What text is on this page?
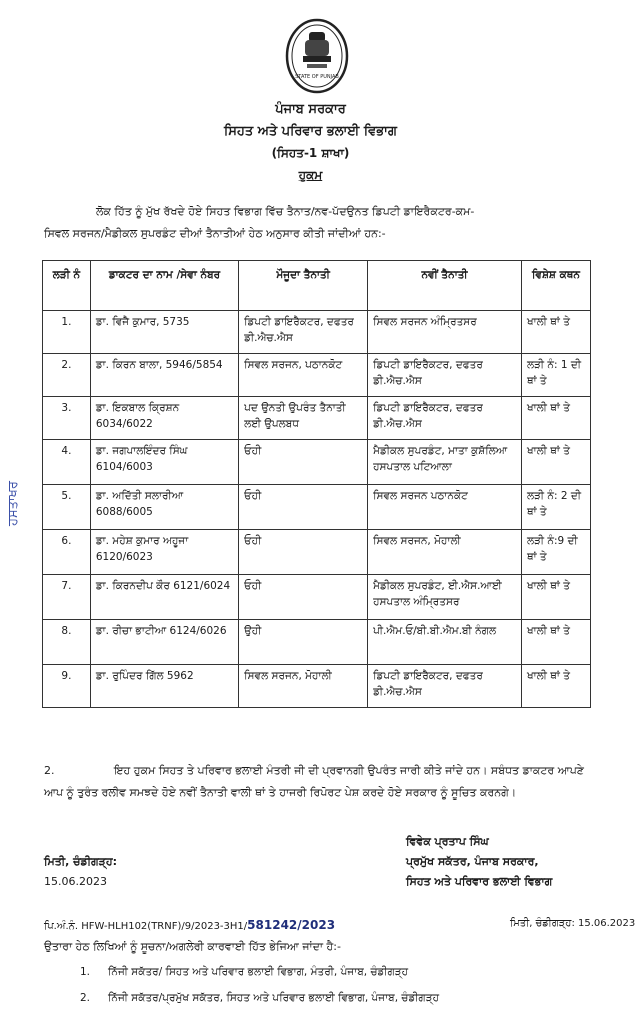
STATE OF PUNJAB
ਪੰਜਾਬ ਸਰਕਾਰ
ਸਿਹਤ ਅਤੇ ਪਰਿਵਾਰ ਭਲਾਈ ਵਿਭਾਗ
(ਸਿਹਤ-1 ਸ਼ਾਖਾ)
ਹੁਕਮ
ਲੋਕ ਹਿੱਤ ਨੂੰ ਮੁੱਖ ਰੱਖਦੇ ਹੋਏ ਸਿਹਤ ਵਿਭਾਗ ਵਿੱਚ ਤੈਨਾਤ/ਨਵ-ਪੱਦਉਨਤ ਡਿਪਟੀ ਡਾਇਰੈਕਟਰ-ਕਮ-
ਸਿਵਲ ਸਰਜਨ/ਮੈਡੀਕਲ ਸੁਪਰਡੰਟ ਦੀਆਂ ਤੈਨਾਤੀਆਂ ਹੇਠ ਅਨੁਸਾਰ ਕੀਤੀ ਜਾਂਦੀਆਂ ਹਨ:-
ਲੜੀ ਨੰ	ਡਾਕਟਰ ਦਾ ਨਾਮ /ਸੇਵਾ ਨੰਬਰ	ਮੌਜੂਦਾ ਤੈਨਾਤੀ	ਨਵੀਂ ਤੈਨਾਤੀ	ਵਿਸ਼ੇਸ਼ ਕਥਨ
1.	ਡਾ. ਵਿਜੈ ਕੁਮਾਰ, 5735	ਡਿਪਟੀ ਡਾਇਰੈਕਟਰ, ਦਫਤਰ ਡੀ.ਐਚ.ਐਸ	ਸਿਵਲ ਸਰਜਨ ਅੰਮ੍ਰਿਤਸਰ	ਖਾਲੀ ਥਾਂ ਤੇ
2.	ਡਾ. ਕਿਰਨ ਬਾਲਾ, 5946/5854	ਸਿਵਲ ਸਰਜਨ, ਪਠਾਨਕੋਟ	ਡਿਪਟੀ ਡਾਇਰੈਕਟਰ, ਦਫਤਰ ਡੀ.ਐਚ.ਐਸ	ਲੜੀ ਨੰ: 1 ਦੀ ਥਾਂ ਤੇ
3.	ਡਾ. ਇਕਬਾਲ ਕ੍ਰਿਸ਼ਨ 6034/6022	ਪਦ ਉਨਤੀ ਉਪਰੰਤ ਤੈਨਾਤੀ ਲਈ ਉਪਲਬਧ	ਡਿਪਟੀ ਡਾਇਰੈਕਟਰ, ਦਫਤਰ ਡੀ.ਐਚ.ਐਸ	ਖਾਲੀ ਥਾਂ ਤੇ
4.	ਡਾ. ਜਗਪਾਲਇੰਦਰ ਸਿੰਘ 6104/6003	ਓਹੀ	ਮੈਡੀਕਲ ਸੁਪਰਡੰਟ, ਮਾਤਾ ਕੁਸ਼ੱਲਿਆ ਹਸਪਤਾਲ ਪਟਿਆਲਾ	ਖਾਲੀ ਥਾਂ ਤੇ
5.	ਡਾ. ਅਦਿੱਤੀ ਸਲਾਰੀਆ 6088/6005	ਓਹੀ	ਸਿਵਲ ਸਰਜਨ ਪਠਾਨਕੋਟ	ਲੜੀ ਨੰ: 2 ਦੀ ਥਾਂ ਤੇ
6.	ਡਾ. ਮਹੇਸ਼ ਕੁਮਾਰ ਅਹੂਜਾ 6120/6023	ਓਹੀ	ਸਿਵਲ ਸਰਜਨ, ਮੋਹਾਲੀ	ਲੜੀ ਨੰ:9 ਦੀ ਥਾਂ ਤੇ
7.	ਡਾ. ਕਿਰਨਦੀਪ ਕੌਰ 6121/6024	ਓਹੀ	ਮੈਡੀਕਲ ਸੁਪਰਡੰਟ, ਈ.ਐਸ.ਆਈ ਹਸਪਤਾਲ ਅੰਮ੍ਰਿਤਸਰ	ਖਾਲੀ ਥਾਂ ਤੇ
8.	ਡਾ. ਰੀਚਾ ਭਾਟੀਆ 6124/6026	ਉਹੀ	ਪੀ.ਐਮ.ਓ/ਬੀ.ਬੀ.ਐਮ.ਬੀ ਨੰਗਲ	ਖਾਲੀ ਥਾਂ ਤੇ
9.	ਡਾ. ਰੁਪਿੰਦਰ ਗਿੱਲ 5962	ਸਿਵਲ ਸਰਜਨ, ਮੋਹਾਲੀ	ਡਿਪਟੀ ਡਾਇਰੈਕਟਰ, ਦਫਤਰ ਡੀ.ਐਚ.ਐਸ	ਖਾਲੀ ਥਾਂ ਤੇ
2.	ਇਹ ਹੁਕਮ ਸਿਹਤ ਤੇ ਪਰਿਵਾਰ ਭਲਾਈ ਮੰਤਰੀ ਜੀ ਦੀ ਪ੍ਰਵਾਨਗੀ ਉਪਰੰਤ ਜਾਰੀ ਕੀਤੇ ਜਾਂਦੇ ਹਨ। ਸਬੰਧਤ ਡਾਕਟਰ ਆਪਣੇ ਆਪ ਨੂੰ ਤੁਰੰਤ ਰਲੀਵ ਸਮਝਦੇ ਹੋਏ ਨਵੀਂ ਤੈਨਾਤੀ ਵਾਲੀ ਥਾਂ ਤੇ ਹਾਜਰੀ ਰਿਪੋਰਟ ਪੇਸ਼ ਕਰਦੇ ਹੋਏ ਸਰਕਾਰ ਨੂੰ ਸੂਚਿਤ ਕਰਨਗੇ।
ਮਿਤੀ, ਚੰਡੀਗੜ੍ਹ:
15.06.2023
ਵਿਵੇਕ ਪ੍ਰਤਾਪ ਸਿੰਘ
ਪ੍ਰਮੁੱਖ ਸਕੱਤਰ, ਪੰਜਾਬ ਸਰਕਾਰ,
ਸਿਹਤ ਅਤੇ ਪਰਿਵਾਰ ਭਲਾਈ ਵਿਭਾਗ
ਪਿ.ਅੰ.ਨੰ. HFW-HLH102(TRNF)/9/2023-3H1/581242/2023	ਮਿਤੀ, ਚੰਡੀਗੜ੍ਹ: 15.06.2023
ਉਤਾਰਾ ਹੇਠ ਲਿਖਿਆਂ ਨੂੰ ਸੂਚਨਾ/ਅਗਲੇਰੀ ਕਾਰਵਾਈ ਹਿੱਤ ਭੇਜਿਆ ਜਾਂਦਾ ਹੈ:-
1. ਨਿੱਜੀ ਸਕੱਤਰ/ ਸਿਹਤ ਅਤੇ ਪਰਿਵਾਰ ਭਲਾਈ ਵਿਭਾਗ, ਮੰਤਰੀ, ਪੰਜਾਬ, ਚੰਡੀਗੜ੍ਹ
2. ਨਿੱਜੀ ਸਕੱਤਰ/ਪ੍ਰਮੁੱਖ ਸਕੱਤਰ, ਸਿਹਤ ਅਤੇ ਪਰਿਵਾਰ ਭਲਾਈ ਵਿਭਾਗ, ਪੰਜਾਬ, ਚੰਡੀਗੜ੍ਹ
ਹਸਤਾਖਰ
